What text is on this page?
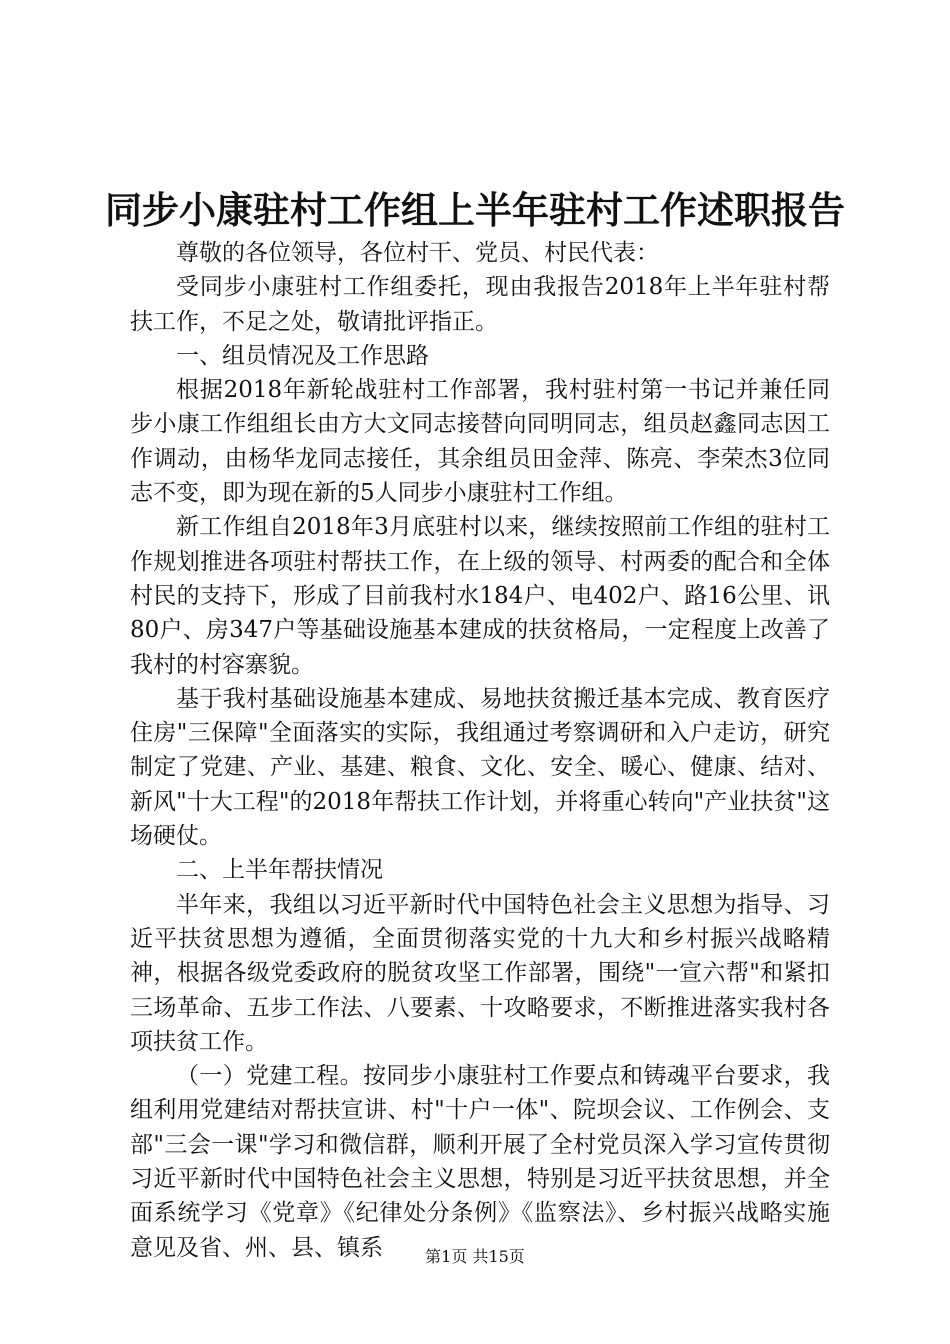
同步小康驻村工作组上半年驻村工作述职报告

尊敬的各位领导，各位村干、党员、村民代表：

受同步小康驻村工作组委托，现由我报告2018年上半年驻村帮扶工作，不足之处，敬请批评指正。

一、组员情况及工作思路

根据2018年新轮战驻村工作部署，我村驻村第一书记并兼任同步小康工作组组长由方大文同志接替向同明同志，组员赵鑫同志因工作调动，由杨华龙同志接任，其余组员田金萍、陈亮、李荣杰3位同志不变，即为现在新的5人同步小康驻村工作组。

新工作组自2018年3月底驻村以来，继续按照前工作组的驻村工作规划推进各项驻村帮扶工作，在上级的领导、村两委的配合和全体村民的支持下，形成了目前我村水184户、电402户、路16公里、讯80户、房347户等基础设施基本建成的扶贫格局，一定程度上改善了我村的村容寨貌。

基于我村基础设施基本建成、易地扶贫搬迁基本完成、教育医疗住房"三保障"全面落实的实际，我组通过考察调研和入户走访，研究制定了党建、产业、基建、粮食、文化、安全、暖心、健康、结对、新风"十大工程"的2018年帮扶工作计划，并将重心转向"产业扶贫"这场硬仗。

二、上半年帮扶情况

半年来，我组以习近平新时代中国特色社会主义思想为指导、习近平扶贫思想为遵循，全面贯彻落实党的十九大和乡村振兴战略精神，根据各级党委政府的脱贫攻坚工作部署，围绕"一宣六帮"和紧扣三场革命、五步工作法、八要素、十攻略要求，不断推进落实我村各项扶贫工作。

（一）党建工程。按同步小康驻村工作要点和铸魂平台要求，我组利用党建结对帮扶宣讲、村"十户一体"、院坝会议、工作例会、支部"三会一课"学习和微信群，顺利开展了全村党员深入学习宣传贯彻习近平新时代中国特色社会主义思想，特别是习近平扶贫思想，并全面系统学习《党章》《纪律处分条例》《监察法》、乡村振兴战略实施意见及省、州、县、镇系	第1页 共15页
